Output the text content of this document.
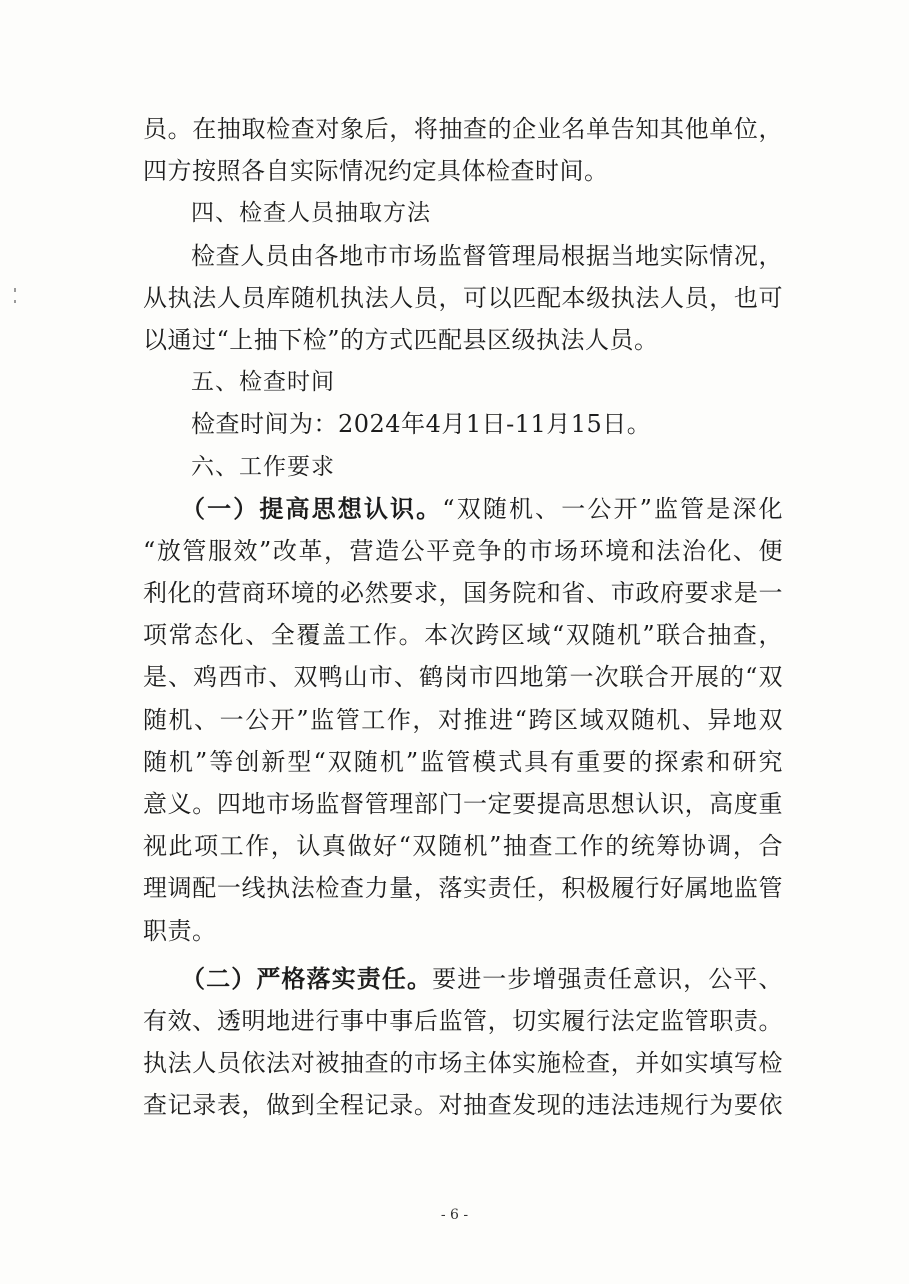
员。在抽取检查对象后，将抽查的企业名单告知其他单位，
四方按照各自实际情况约定具体检查时间。
四、检查人员抽取方法
检查人员由各地市市场监督管理局根据当地实际情况，
从执法人员库随机执法人员，可以匹配本级执法人员，也可
以通过“上抽下检”的方式匹配县区级执法人员。
五、检查时间
检查时间为：2024年4月1日-11月15日。
六、工作要求
（一）提高思想认识。“双随机、一公开”监管是深化
“放管服效”改革，营造公平竞争的市场环境和法治化、便
利化的营商环境的必然要求，国务院和省、市政府要求是一
项常态化、全覆盖工作。本次跨区域“双随机”联合抽查，
是、鸡西市、双鸭山市、鹤岗市四地第一次联合开展的“双
随机、一公开”监管工作，对推进“跨区域双随机、异地双
随机”等创新型“双随机”监管模式具有重要的探索和研究
意义。四地市场监督管理部门一定要提高思想认识，高度重
视此项工作，认真做好“双随机”抽查工作的统筹协调，合
理调配一线执法检查力量，落实责任，积极履行好属地监管
职责。
（二）严格落实责任。要进一步增强责任意识，公平、
有效、透明地进行事中事后监管，切实履行法定监管职责。
执法人员依法对被抽查的市场主体实施检查，并如实填写检
查记录表，做到全程记录。对抽查发现的违法违规行为要依
- 6 -
